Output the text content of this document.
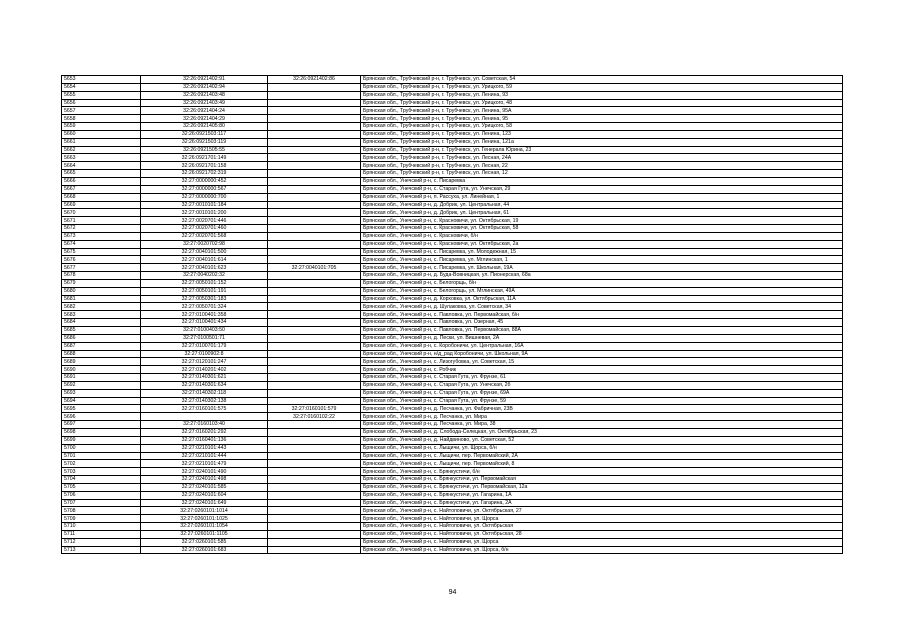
5653	32:26:0921402:91	32:26:0921402:86	Брянская обл., Трубчевский р-н, г. Трубчевск, ул. Советская, 54
5654	32:26:0921402:94		Брянская обл., Трубчевский р-н, г. Трубчевск, ул. Урицкого, 59
5655	32:26:0921403:48		Брянская обл., Трубчевский р-н, г. Трубчевск, ул. Ленина, 93
5656	32:26:0921403:49		Брянская обл., Трубчевский р-н, г. Трубчевск, ул. Урицкого, 48
5657	32:26:0921404:24		Брянская обл., Трубчевский р-н, г. Трубчевск, ул. Ленина, 95А
5658	32:26:0921404:29		Брянская обл., Трубчевский р-н, г. Трубчевск, ул. Ленина, 95
5659	32:26:0921405:80		Брянская обл., Трубчевский р-н, г. Трубчевск, ул. Урицкого, 58
5660	32:26:0921503:117		Брянская обл., Трубчевский р-н, г. Трубчевск, ул. Ленина, 123
5661	32:26:0921503:119		Брянская обл., Трубчевский р-н, г. Трубчевск, ул. Ленина, 121а
5662	32:26:0921505:55		Брянская обл., Трубчевский р-н, г. Трубчевск, ул. Генерала Юрина, 23
5663	32:26:0921701:149		Брянская обл., Трубчевский р-н, г. Трубчевск, ул. Лесная, 24А
5664	32:26:0921701:158		Брянская обл., Трубчевский р-н, г. Трубчевск, ул. Лесная, 22
5665	32:26:0921702:319		Брянская обл., Трубчевский р-н, г. Трубчевск, ул. Лесная, 12
5666	32:27:0000000:452		Брянская обл., Унечский р-н, с. Писаревка
5667	32:27:0000000:567		Брянская обл., Унечский р-н, с. Старая Гута, ул. Унечская, 29
5668	32:27:0000000:700		Брянская обл., Унечский р-н, п. Рассуха, ул. Линейная, 1
5669	32:27:0010101:184		Брянская обл., Унечский р-н, д. Добрик, ул. Центральная, 44
5670	32:27:0010101:200		Брянская обл., Унечский р-н, д. Добрик, ул. Центральная, 61
5671	32:27:0020701:446		Брянская обл., Унечский р-н, с. Красновичи, ул. Октябрьская, 19
5672	32:27:0020701:460		Брянская обл., Унечский р-н, с. Красновичи, ул. Октябрьская, 58
5673	32:27:0020701:568		Брянская обл., Унечский р-н, с. Красновичи, б/н
5674	32:27:0020702:98		Брянская обл., Унечский р-н, с. Красновичи, ул. Октябрьская, 2а
5675	32:27:0040101:500		Брянская обл., Унечский р-н, с. Писаревка, ул. Молодежная, 15
5676	32:27:0040101:614		Брянская обл., Унечский р-н, с. Писаревка, ул. Мглинская, 1
5677	32:27:0040101:623	32:27:0040101:705	Брянская обл., Унечский р-н, с. Писаревка, ул. Школьная, 19А
5678	32:27:0040202:32		Брянская обл., Унечский р-н, д. Буда-Вовницкая, ул. Пионерская, 68а
5679	32:27:0050101:152		Брянская обл., Унечский р-н, с. Белогорщь, б/н
5680	32:27:0050101:191		Брянская обл., Унечский р-н, с. Белогорщь, ул. Мглинская, 49А
5681	32:27:0050301:183		Брянская обл., Унечский р-н, д. Корховка, ул. Октябрьская, 11А
5682	32:27:0050701:324		Брянская обл., Унечский р-н, д. Шулаковка, ул. Советская, 34
5683	32:27:0100401:358		Брянская обл., Унечский р-н, с. Павловка, ул. Первомайская, б/н
5684	32:27:0100401:434		Брянская обл., Унечский р-н, с. Павловка, ул. Озерная, 45
5685	32:27:0100403:50		Брянская обл., Унечский р-н, с. Павловка, ул. Первомайская, 88А
5686	32:27:0100501:71		Брянская обл., Унечский р-н, д. Пески, ул. Вишневая, 2А
5687	32:27:0100701:179		Брянская обл., Унечский р-н, с. Коробоничи, ул. Центральная, 16А
5688	32:27:0100902:8		Брянская обл., Унечский р-н, н/д_рад Коробоничи, ул. Школьная, 9А
5689	32:27:0120101:247		Брянская обл., Унечский р-н, с. Лизогубовка, ул. Советская, 15
5690	32:27:0140201:402		Брянская обл., Унечский р-н, с. Робчик
5691	32:27:0140301:621		Брянская обл., Унечский р-н, с. Старая Гута, ул. Фрунзе, 61
5692	32:27:0140301:634		Брянская обл., Унечский р-н, с. Старая Гута, ул. Унечская, 2б
5693	32:27:0140302:118		Брянская обл., Унечский р-н, с. Старая Гута, ул. Фрунзе, 69А
5694	32:27:0140302:138		Брянская обл., Унечский р-н, с. Старая Гута, ул. Фрунзе, 59
5695	32:27:0160101:575	32:27:0160101:579	Брянская обл., Унечский р-н, д. Песчанка, ул. Фабричная, 23В
5696		32:27:0160102:22	Брянская обл., Унечский р-н, д. Песчанка, ул. Мира
5697	32:27:0160103:40		Брянская обл., Унечский р-н, д. Песчанка, ул. Мира, 38
5698	32:27:0160201:292		Брянская обл., Унечский р-н, д. Слобода-Селецкая, ул. Октябрьская, 23
5699	32:27:0160401:136		Брянская обл., Унечский р-н, д. Найдвиново, ул. Советская, 52
5700	32:27:0210101:443		Брянская обл., Унечский р-н, с. Лыщичи, ул. Щорса, б/н
5701	32:27:0210101:444		Брянская обл., Унечский р-н, с. Лыщичи, пер. Первомайский, 2А
5702	32:27:0210101:479		Брянская обл., Унечский р-н, с. Лыщичи, пер. Первомайский, 8
5703	32:27:0240101:490		Брянская обл., Унечский р-н, с. Брянкустичи, б/н
5704	32:27:0240101:498		Брянская обл., Унечский р-н, с. Брянкустичи, ул. Первомайская
5705	32:27:0240101:585		Брянская обл., Унечский р-н, с. Брянкустичи, ул. Первомайская, 12а
5706	32:27:0240101:604		Брянская обл., Унечский р-н, с. Брянкустичи, ул. Гагарина, 1А
5707	32:27:0240101:649		Брянская обл., Унечский р-н, с. Брянкустичи, ул. Гагарина, 2А
5708	32:27:0260101:1014		Брянская обл., Унечский р-н, с. Найтоповичи, ул. Октябрьская, 27
5709	32:27:0260101:1025		Брянская обл., Унечский р-н, с. Найтоповичи, ул. Щорса
5710	32:27:0260101:1054		Брянская обл., Унечский р-н, с. Найтоповичи, ул. Октябрьская
5711	32:27:0260101:1105		Брянская обл., Унечский р-н, с. Найтоповичи, ул. Октябрьская, 28
5712	32:27:0260101:585		Брянская обл., Унечский р-н, с. Найтоповичи, ул. Щорса
5713	32:27:0260101:683		Брянская обл., Унечский р-н, с. Найтоповичи, ул. Щорса, б/н
94
